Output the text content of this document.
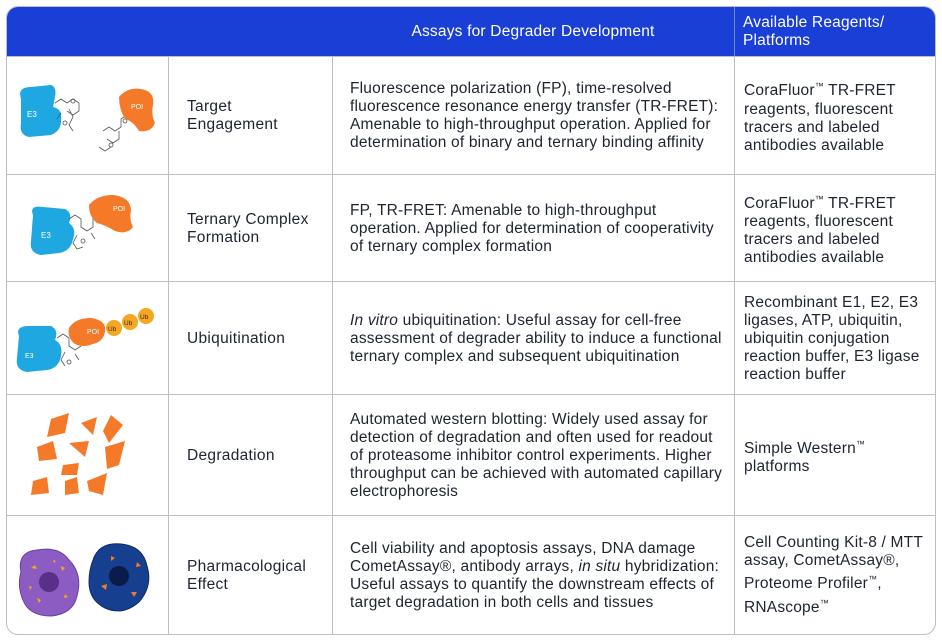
Assays for Degrader Development	Available Reagents/ Platforms
E3
POI	Target Engagement
Fluorescence polarization (FP), time-resolved fluorescence resonance energy transfer (TR-FRET): Amenable to high-throughput operation. Applied for determination of binary and ternary binding affinity
CoraFluor™ TR-FRET reagents, fluorescent tracers and labeled antibodies available
E3
POI
Ternary Complex Formation
FP, TR-FRET: Amenable to high-throughput operation. Applied for determination of cooperativity of ternary complex formation
CoraFluor™ TR-FRET reagents, fluorescent tracers and labeled antibodies available
E3
POI Ub
Ub
Ub
Ubiquitination
In vitro ubiquitination: Useful assay for cell-free assessment of degrader ability to induce a functional ternary complex and subsequent ubiquitination
Recombinant E1, E2, E3 ligases, ATP, ubiquitin, ubiquitin conjugation reaction buffer, E3 ligase reaction buffer
Degradation
Automated western blotting: Widely used assay for detection of degradation and often used for readout of proteasome inhibitor control experiments. Higher throughput can be achieved with automated capillary electrophoresis
Simple Western™ platforms
Pharmacological Effect
Cell viability and apoptosis assays, DNA damage CometAssay®, antibody arrays, in situ hybridization: Useful assays to quantify the downstream effects of target degradation in both cells and tissues
Cell Counting Kit-8 / MTT assay, CometAssay®, Proteome Profiler™, RNAscope™
